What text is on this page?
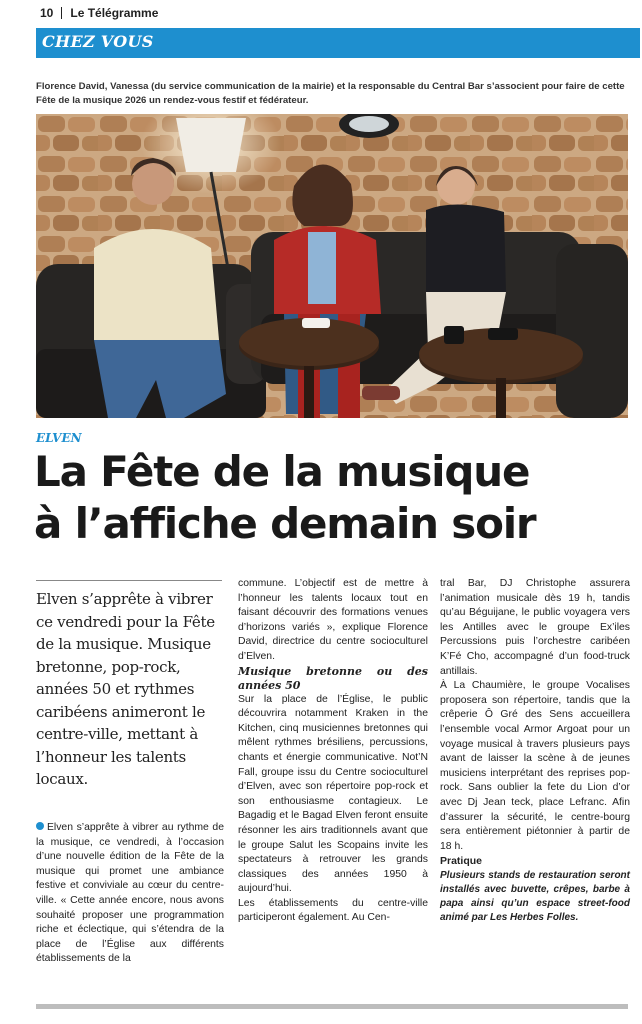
10 Le Télégramme
CHEZ VOUS
Florence David, Vanessa (du service communication de la mairie) et la responsable du Central Bar s’associent pour faire de cette Fête de la musique 2026 un rendez-vous festif et fédérateur.
ELVEN
La Fête de la musique
à l’affiche demain soir
Elven s’apprête à vibrer ce vendredi pour la Fête de la musique. Musique bretonne, pop-rock, années 50 et rythmes caribéens animeront le centre-ville, mettant à l’honneur les talents locaux.
Elven s’apprête à vibrer au rythme de la musique, ce vendredi, à l’occasion d’une nouvelle édition de la Fête de la musique qui promet une ambiance festive et conviviale au cœur du centre-ville. « Cette année encore, nous avons souhaité proposer une programmation riche et éclectique, qui s’étendra de la place de l’Église aux différents établissements de la

commune. L’objectif est de mettre à l’honneur les talents locaux tout en faisant découvrir des formations venues d’horizons variés », explique Florence David, directrice du centre socioculturel d’Elven.

Musique bretonne ou des années 50

Sur la place de l’Église, le public découvrira notamment Kraken in the Kitchen, cinq musiciennes bretonnes qui mêlent rythmes brésiliens, percussions, chants et énergie communicative. Not’N Fall, groupe issu du Centre socioculturel d’Elven, avec son répertoire pop-rock et son enthousiasme contagieux. Le Bagadig et le Bagad Elven feront ensuite résonner les airs traditionnels avant que le groupe Salut les Scopains invite les spectateurs à retrouver les grands classiques des années 1950 à aujourd’hui.

Les établissements du centre-ville participeront également. Au Cen-

tral Bar, DJ Christophe assurera l’animation musicale dès 19 h, tandis qu’au Béguijane, le public voyagera vers les Antilles avec le groupe Ex’iles Percussions puis l’orchestre caribéen K’Fé Cho, accompagné d’un food-truck antillais.

À La Chaumière, le groupe Vocalises proposera son répertoire, tandis que la crêperie Ô Gré des Sens accueillera l’ensemble vocal Armor Argoat pour un voyage musical à travers plusieurs pays avant de laisser la scène à de jeunes musiciens interprétant des reprises pop-rock. Sans oublier la fete du Lion d’or avec Dj Jean teck, place Lefranc. Afin d’assurer la sécurité, le centre-bourg sera entièrement piétonnier à partir de 18 h.

Pratique

Plusieurs stands de restauration seront installés avec buvette, crêpes, barbe à papa ainsi qu’un espace street-food animé par Les Herbes Folles.
